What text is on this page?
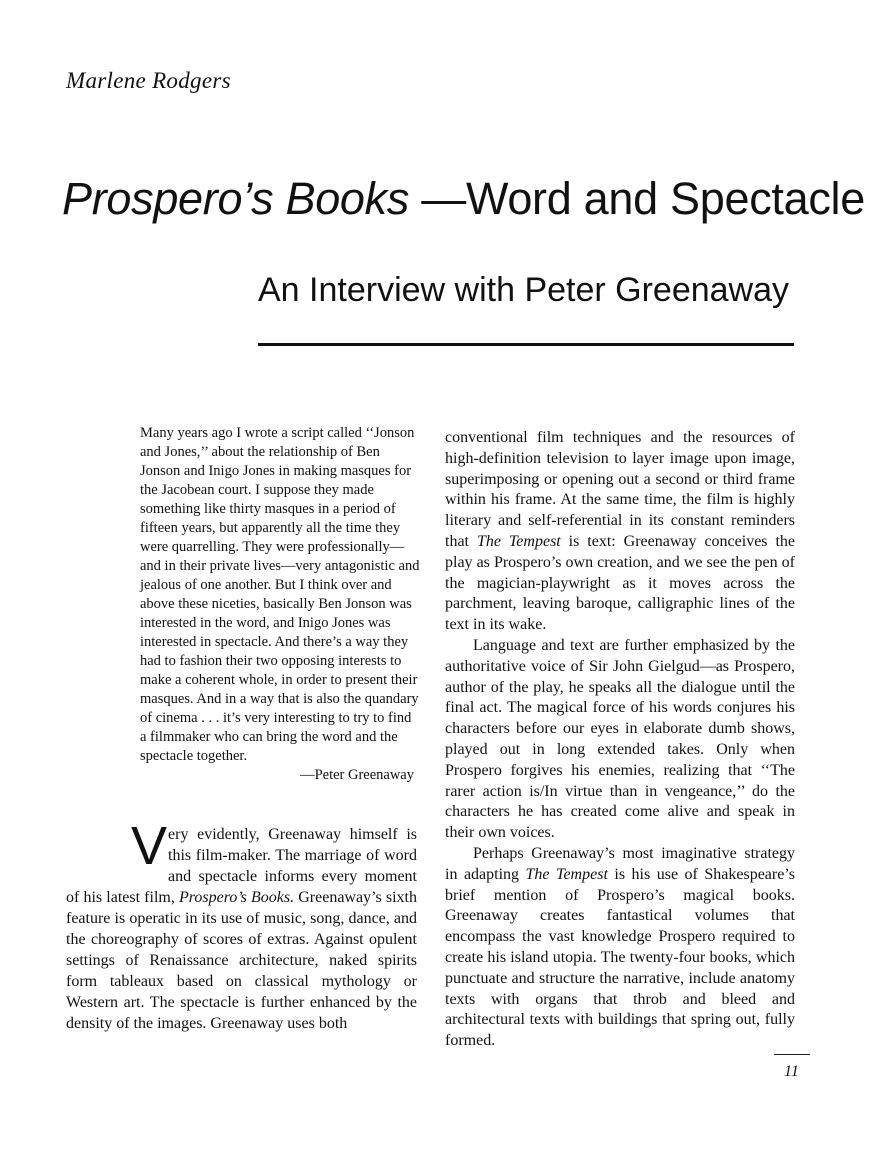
Marlene Rodgers
Prospero’s Books —Word and Spectacle
An Interview with Peter Greenaway

Many years ago I wrote a script called ‘‘Jonson and Jones,’’ about the relationship of Ben Jonson and Inigo Jones in making masques for the Jacobean court. I suppose they made something like thirty masques in a period of fifteen years, but apparently all the time they were quarrelling. They were professionally—and in their private lives—very antagonistic and jealous of one another. But I think over and above these niceties, basically Ben Jonson was interested in the word, and Inigo Jones was interested in spectacle. And there’s a way they had to fashion their two opposing interests to make a coherent whole, in order to present their masques. And in a way that is also the quandary of cinema . . . it’s very interesting to try to find a filmmaker who can bring the word and the spectacle together.

—Peter Greenaway

Very evidently, Greenaway himself is this film-maker. The marriage of word and spectacle informs every moment of his latest film, Prospero’s Books. Greenaway’s sixth feature is operatic in its use of music, song, dance, and the choreography of scores of extras. Against opulent settings of Renaissance architecture, naked spirits form tableaux based on classical mythology or Western art. The spectacle is further enhanced by the density of the images. Greenaway uses both

conventional film techniques and the resources of high-definition television to layer image upon image, superimposing or opening out a second or third frame within his frame. At the same time, the film is highly literary and self-referential in its constant reminders that The Tempest is text: Greenaway conceives the play as Prospero’s own creation, and we see the pen of the magician-playwright as it moves across the parchment, leaving baroque, calligraphic lines of the text in its wake.

Language and text are further emphasized by the authoritative voice of Sir John Gielgud—as Prospero, author of the play, he speaks all the dialogue until the final act. The magical force of his words conjures his characters before our eyes in elaborate dumb shows, played out in long extended takes. Only when Prospero forgives his enemies, realizing that ‘‘The rarer action is/In virtue than in vengeance,’’ do the characters he has created come alive and speak in their own voices.

Perhaps Greenaway’s most imaginative strategy in adapting The Tempest is his use of Shakespeare’s brief mention of Prospero’s magical books. Greenaway creates fantastical volumes that encompass the vast knowledge Prospero required to create his island utopia. The twenty-four books, which punctuate and structure the narrative, include anatomy texts with organs that throb and bleed and architectural texts with buildings that spring out, fully formed.

11
